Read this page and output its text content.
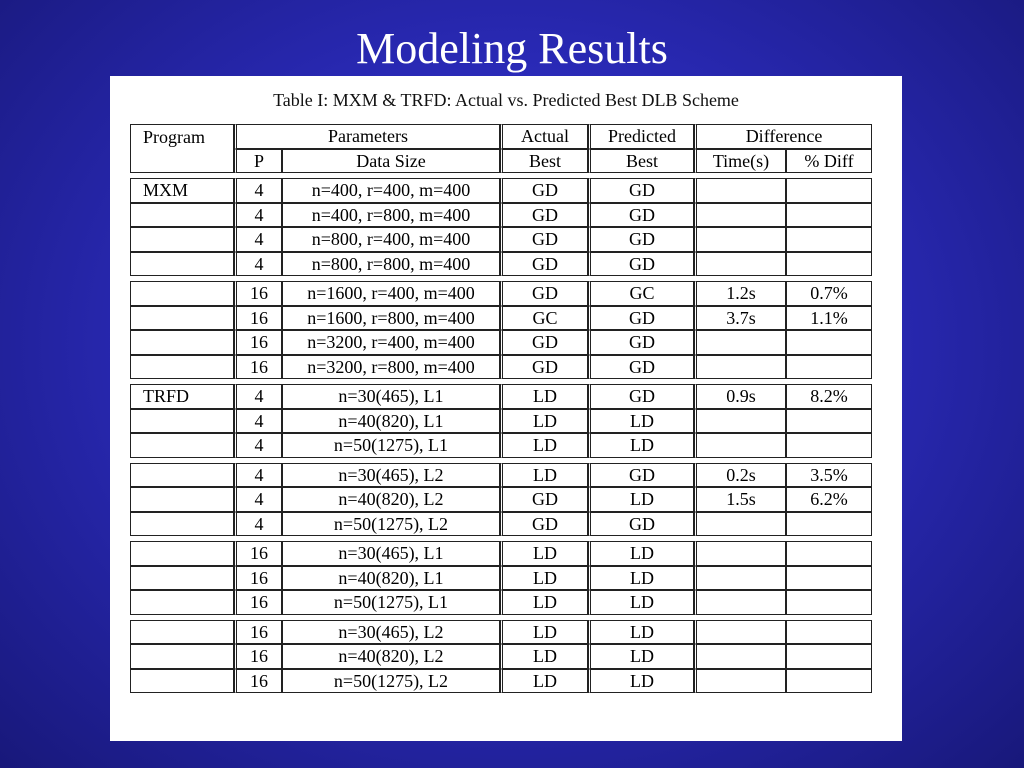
Modeling Results
Table I: MXM & TRFD: Actual vs. Predicted Best DLB Scheme
Program	Parameters		Actual	Predicted	Difference	
	P	Data Size	Best	Best	Time(s)	% Diff

MXM	4	n=400, r=400, m=400	GD	GD		
	4	n=400, r=800, m=400	GD	GD		
	4	n=800, r=400, m=400	GD	GD		
	4	n=800, r=800, m=400	GD	GD		

	16	n=1600, r=400, m=400	GD	GC	1.2s	0.7%
	16	n=1600, r=800, m=400	GC	GD	3.7s	1.1%
	16	n=3200, r=400, m=400	GD	GD		
	16	n=3200, r=800, m=400	GD	GD		

TRFD	4	n=30(465), L1	LD	GD	0.9s	8.2%
	4	n=40(820), L1	LD	LD		
	4	n=50(1275), L1	LD	LD		

	4	n=30(465), L2	LD	GD	0.2s	3.5%
	4	n=40(820), L2	GD	LD	1.5s	6.2%
	4	n=50(1275), L2	GD	GD		

	16	n=30(465), L1	LD	LD		
	16	n=40(820), L1	LD	LD		
	16	n=50(1275), L1	LD	LD		

	16	n=30(465), L2	LD	LD		
	16	n=40(820), L2	LD	LD		
	16	n=50(1275), L2	LD	LD		
